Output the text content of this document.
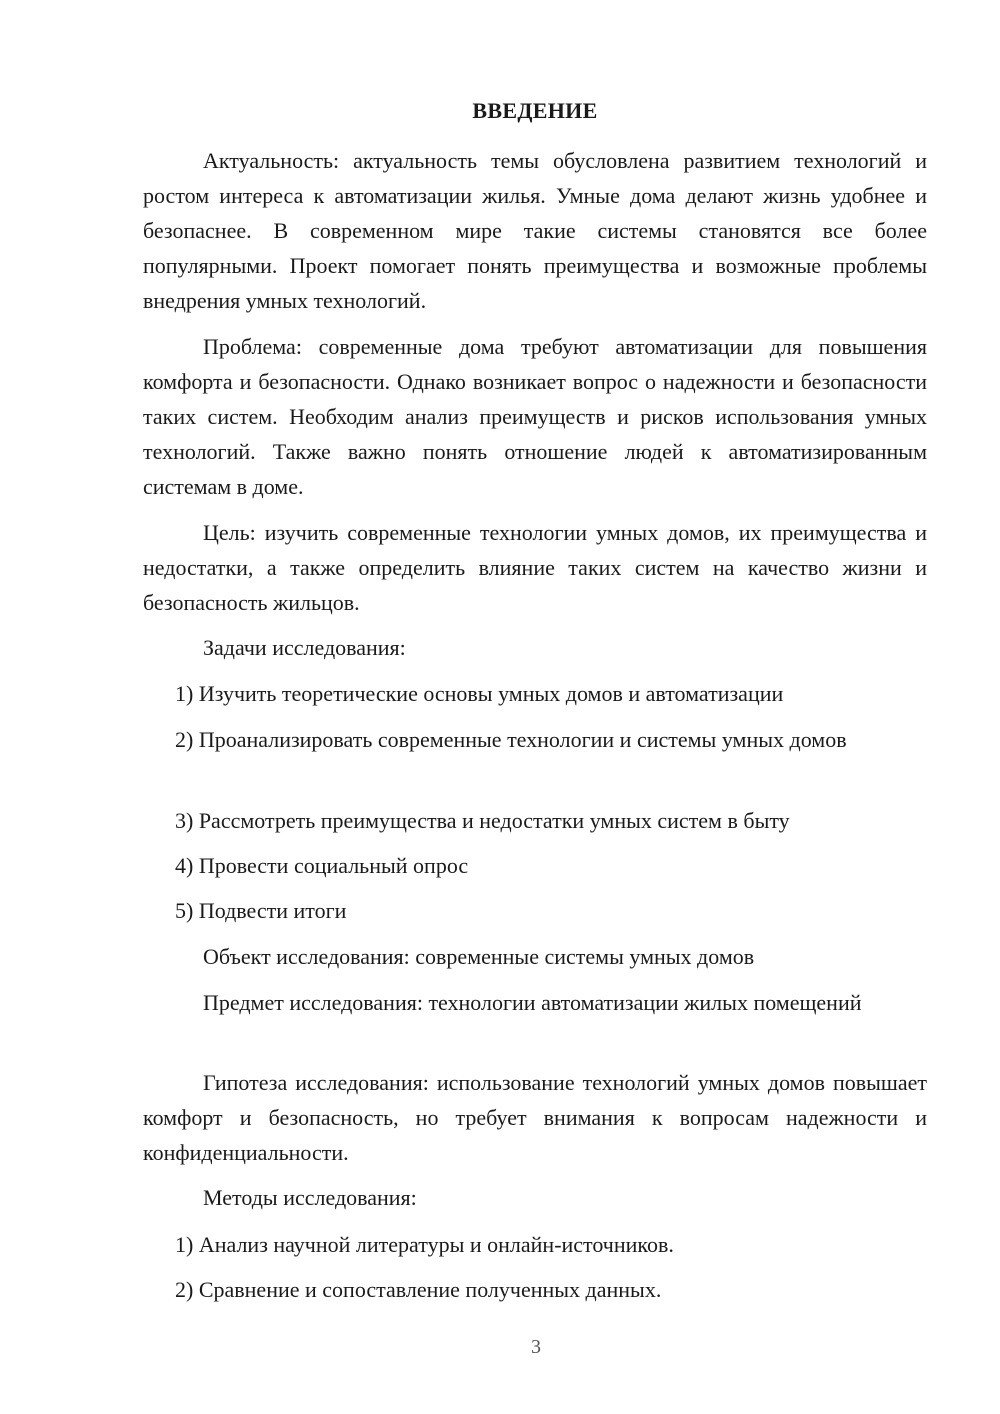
ВВЕДЕНИЕ

Актуальность: актуальность темы обусловлена развитием технологий и ростом интереса к автоматизации жилья. Умные дома делают жизнь удобнее и безопаснее. В современном мире такие системы становятся все более популярными. Проект помогает понять преимущества и возможные проблемы внедрения умных технологий.

Проблема: современные дома требуют автоматизации для повышения комфорта и безопасности. Однако возникает вопрос о надежности и безопасности таких систем. Необходим анализ преимуществ и рисков использования умных технологий. Также важно понять отношение людей к автоматизированным системам в доме.

Цель: изучить современные технологии умных домов, их преимущества и недостатки, а также определить влияние таких систем на качество жизни и безопасность жильцов.

Задачи исследования:

1) Изучить теоретические основы умных домов и автоматизации

2) Проанализировать современные технологии и системы умных домов

3) Рассмотреть преимущества и недостатки умных систем в быту

4) Провести социальный опрос

5) Подвести итоги

Объект исследования: современные системы умных домов

Предмет исследования: технологии автоматизации жилых помещений

Гипотеза исследования: использование технологий умных домов повышает комфорт и безопасность, но требует внимания к вопросам надежности и конфиденциальности.

Методы исследования:

1) Анализ научной литературы и онлайн-источников.

2) Сравнение и сопоставление полученных данных.

3
